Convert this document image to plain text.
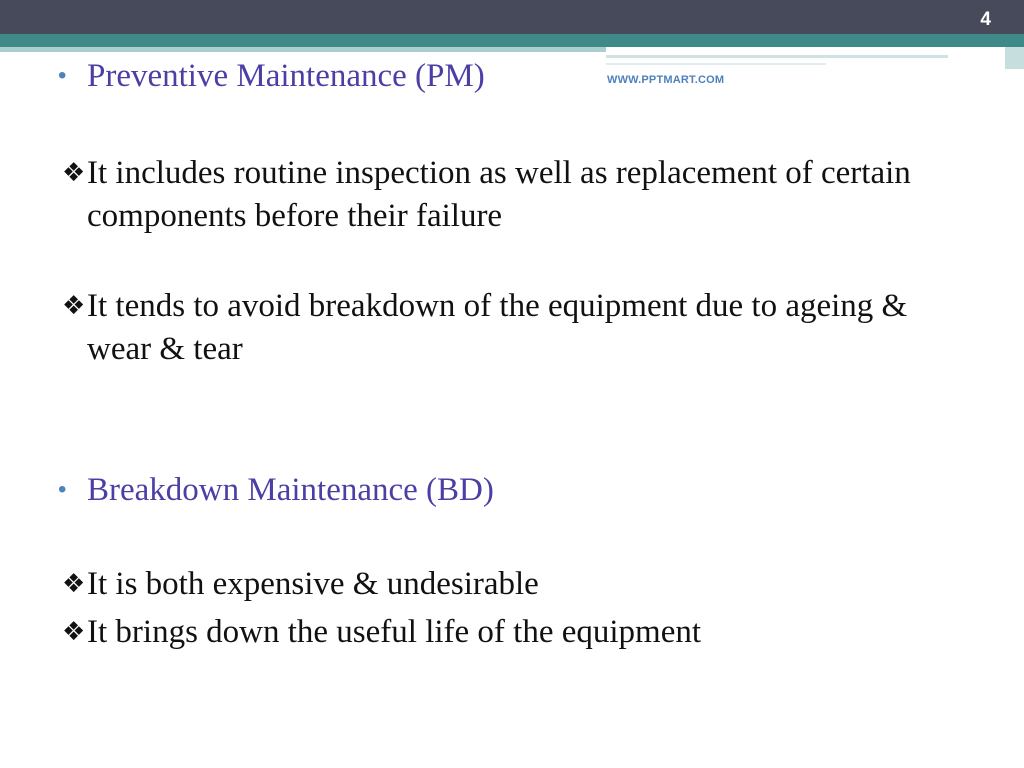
4
WWW.PPTMART.COM
• Preventive Maintenance (PM)
❖ It includes routine inspection as well as replacement of certain components before their failure
❖ It tends to avoid breakdown of the equipment due to ageing & wear & tear
• Breakdown Maintenance (BD)
❖ It is both expensive & undesirable
❖ It brings down the useful life of the equipment
